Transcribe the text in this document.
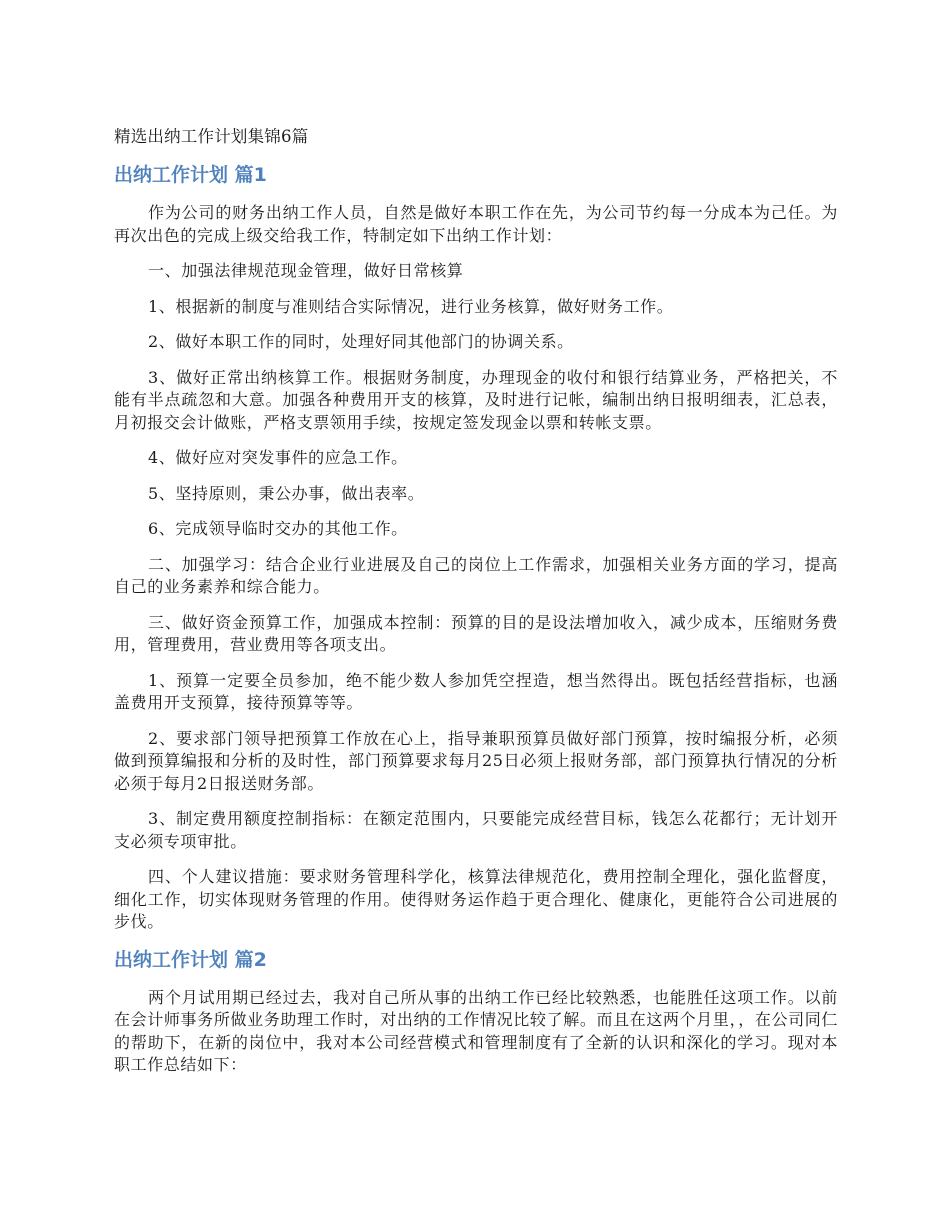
精选出纳工作计划集锦6篇
出纳工作计划 篇1

作为公司的财务出纳工作人员，自然是做好本职工作在先，为公司节约每一分成本为己任。为再次出色的完成上级交给我工作，特制定如下出纳工作计划：

一、加强法律规范现金管理，做好日常核算

1、根据新的制度与准则结合实际情况，进行业务核算，做好财务工作。

2、做好本职工作的同时，处理好同其他部门的协调关系。

3、做好正常出纳核算工作。根据财务制度，办理现金的收付和银行结算业务，严格把关，不能有半点疏忽和大意。加强各种费用开支的核算，及时进行记帐，编制出纳日报明细表，汇总表，月初报交会计做账，严格支票领用手续，按规定签发现金以票和转帐支票。

4、做好应对突发事件的应急工作。

5、坚持原则，秉公办事，做出表率。

6、完成领导临时交办的其他工作。

二、加强学习：结合企业行业进展及自己的岗位上工作需求，加强相关业务方面的学习，提高自己的业务素养和综合能力。

三、做好资金预算工作，加强成本控制：预算的目的是设法增加收入，减少成本，压缩财务费用，管理费用，营业费用等各项支出。

1、预算一定要全员参加，绝不能少数人参加凭空捏造，想当然得出。既包括经营指标，也涵盖费用开支预算，接待预算等等。

2、要求部门领导把预算工作放在心上，指导兼职预算员做好部门预算，按时编报分析，必须做到预算编报和分析的及时性，部门预算要求每月25日必须上报财务部，部门预算执行情况的分析必须于每月2日报送财务部。

3、制定费用额度控制指标：在额定范围内，只要能完成经营目标，钱怎么花都行；无计划开支必须专项审批。

四、个人建议措施：要求财务管理科学化，核算法律规范化，费用控制全理化，强化监督度，细化工作，切实体现财务管理的作用。使得财务运作趋于更合理化、健康化，更能符合公司进展的步伐。

出纳工作计划 篇2

两个月试用期已经过去，我对自己所从事的出纳工作已经比较熟悉，也能胜任这项工作。以前在会计师事务所做业务助理工作时，对出纳的工作情况比较了解。而且在这两个月里，，在公司同仁的帮助下，在新的岗位中，我对本公司经营模式和管理制度有了全新的认识和深化的学习。现对本职工作总结如下：
